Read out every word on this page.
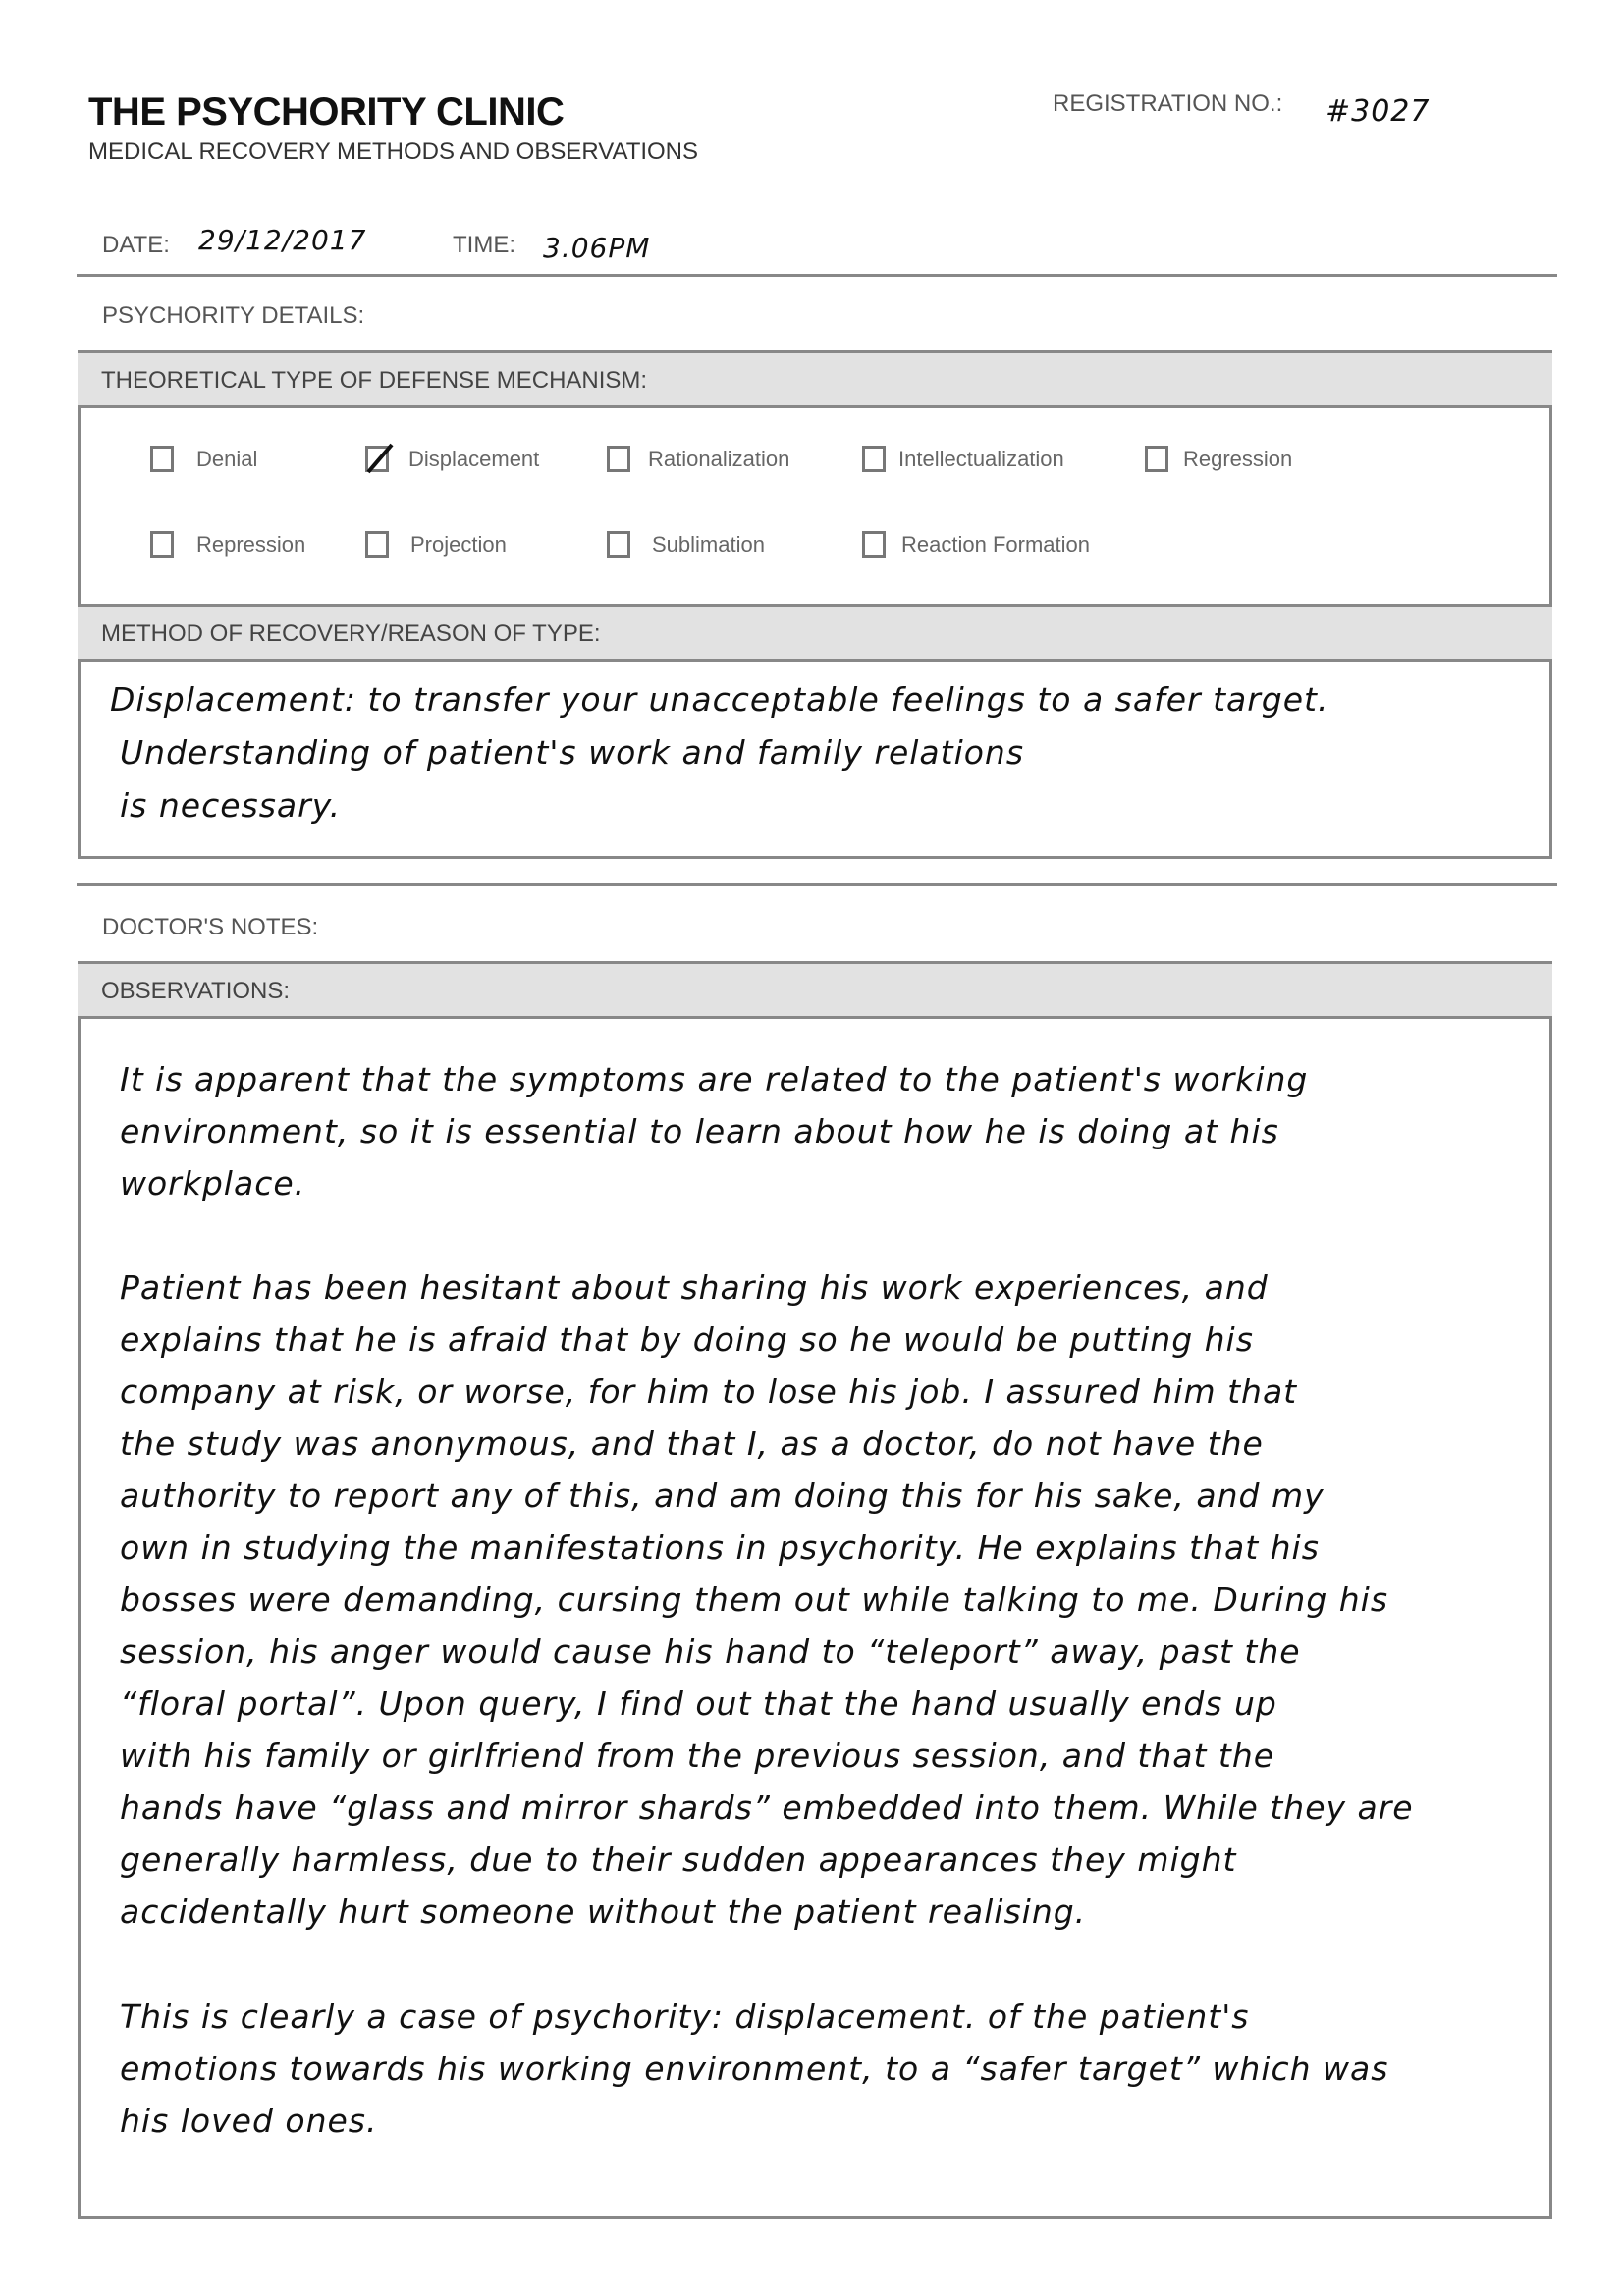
THE PSYCHORITY CLINIC
MEDICAL RECOVERY METHODS AND OBSERVATIONS
REGISTRATION NO.: #3027
DATE: 29/12/2017	TIME: 3.06PM
PSYCHORITY DETAILS:
THEORETICAL TYPE OF DEFENSE MECHANISM:
Denial	Displacement	Rationalization	Intellectualization	Regression
Repression	Projection	Sublimation	Reaction Formation
METHOD OF RECOVERY/REASON OF TYPE:
Displacement: to transfer your unacceptable feelings to a safer target.
Understanding of patient's work and family relations
is necessary.
DOCTOR'S NOTES:
OBSERVATIONS:
It is apparent that the symptoms are related to the patient's working
environment, so it is essential to learn about how he is doing at his
workplace.
Patient has been hesitant about sharing his work experiences, and
explains that he is afraid that by doing so he would be putting his
company at risk, or worse, for him to lose his job. I assured him that
the study was anonymous, and that I, as a doctor, do not have the
authority to report any of this, and am doing this for his sake, and my
own in studying the manifestations in psychority. He explains that his
bosses were demanding, cursing them out while talking to me. During his
session, his anger would cause his hand to “teleport” away, past the
“floral portal”. Upon query, I find out that the hand usually ends up
with his family or girlfriend from the previous session, and that the
hands have “glass and mirror shards” embedded into them. While they are
generally harmless, due to their sudden appearances they might
accidentally hurt someone without the patient realising.
This is clearly a case of psychority: displacement. of the patient's
emotions towards his working environment, to a “safer target” which was
his loved ones.
